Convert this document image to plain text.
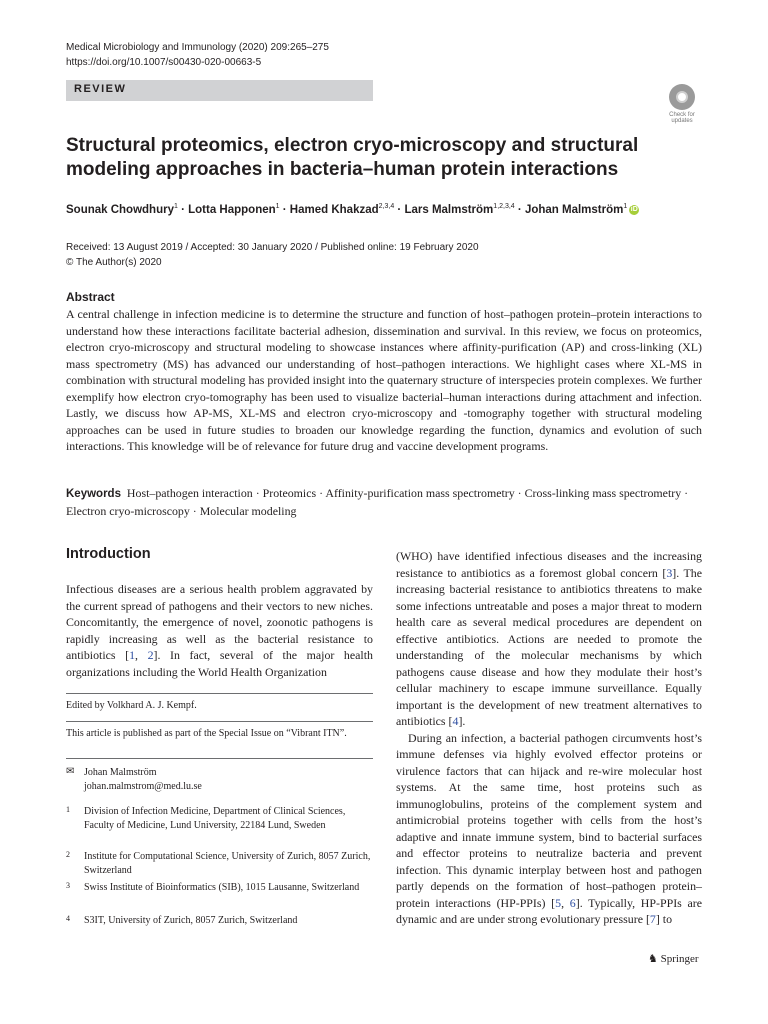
Medical Microbiology and Immunology (2020) 209:265–275
https://doi.org/10.1007/s00430-020-00663-5
REVIEW
Check for updates
Structural proteomics, electron cryo-microscopy and structural modeling approaches in bacteria–human protein interactions
Sounak Chowdhury$^1$ · Lotta Happonen$^1$ · Hamed Khakzad$^{2,3,4}$ · Lars Malmström$^{1,2,3,4}$ · Johan Malmström$^1$ iD
Received: 13 August 2019 / Accepted: 30 January 2020 / Published online: 19 February 2020
© The Author(s) 2020
Abstract
A central challenge in infection medicine is to determine the structure and function of host–pathogen protein–protein interactions to understand how these interactions facilitate bacterial adhesion, dissemination and survival. In this review, we focus on proteomics, electron cryo-microscopy and structural modeling to showcase instances where affinity-purification (AP) and cross-linking (XL) mass spectrometry (MS) has advanced our understanding of host–pathogen interactions. We highlight cases where XL-MS in combination with structural modeling has provided insight into the quaternary structure of interspecies protein complexes. We further exemplify how electron cryo-tomography has been used to visualize bacterial–human interactions during attachment and infection. Lastly, we discuss how AP-MS, XL-MS and electron cryo-microscopy and -tomography together with structural modeling approaches can be used in future studies to broaden our knowledge regarding the function, dynamics and evolution of such interactions. This knowledge will be of relevance for future drug and vaccine development programs.
Keywords Host–pathogen interaction · Proteomics · Affinity-purification mass spectrometry · Cross-linking mass spectrometry · Electron cryo-microscopy · Molecular modeling
Introduction

Infectious diseases are a serious health problem aggravated by the current spread of pathogens and their vectors to new niches. Concomitantly, the emergence of novel, zoonotic pathogens is rapidly increasing as well as the bacterial resistance to antibiotics [1, 2]. In fact, several of the major health organizations including the World Health Organization

(WHO) have identified infectious diseases and the increasing resistance to antibiotics as a foremost global concern [3]. The increasing bacterial resistance to antibiotics threatens to make some infections untreatable and poses a major threat to modern health care as several medical procedures are dependent on effective antibiotics. Actions are needed to promote the understanding of the molecular mechanisms by which pathogens cause disease and how they modulate their host’s cellular machinery to escape immune surveillance. Equally important is the development of new treatment alternatives to antibiotics [4].

During an infection, a bacterial pathogen circumvents host’s immune defenses via highly evolved effector proteins or virulence factors that can hijack and re-wire molecular host systems. At the same time, host proteins such as immunoglobulins, proteins of the complement system and antimicrobial proteins together with cells from the host’s adaptive and innate immune system, bind to bacterial surfaces and effector proteins to neutralize bacteria and prevent infection. This dynamic interplay between host and pathogen partly depends on the formation of host–pathogen protein–protein interactions (HP-PPIs) [5, 6]. Typically, HP-PPIs are dynamic and are under strong evolutionary pressure [7] to

Edited by Volkhard A. J. Kempf.
This article is published as part of the Special Issue on “Vibrant ITN”.
✉ Johan Malmström
johan.malmstrom@med.lu.se
1 Division of Infection Medicine, Department of Clinical Sciences, Faculty of Medicine, Lund University, 22184 Lund, Sweden
2 Institute for Computational Science, University of Zurich, 8057 Zurich, Switzerland
3 Swiss Institute of Bioinformatics (SIB), 1015 Lausanne, Switzerland
4 S3IT, University of Zurich, 8057 Zurich, Switzerland
♞ Springer
